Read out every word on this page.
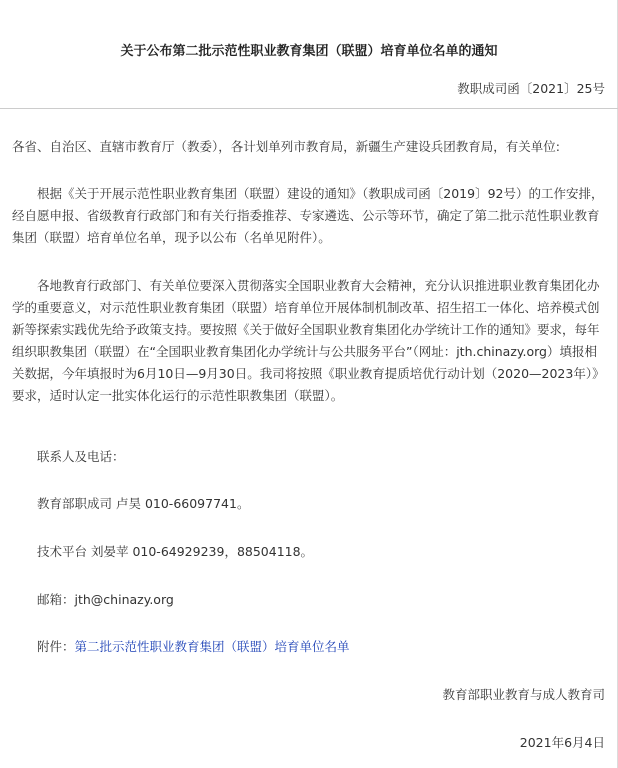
关于公布第二批示范性职业教育集团（联盟）培育单位名单的通知
教职成司函〔2021〕25号

各省、自治区、直辖市教育厅（教委），各计划单列市教育局，新疆生产建设兵团教育局，有关单位:

根据《关于开展示范性职业教育集团（联盟）建设的通知》（教职成司函〔2019〕92号）的工作安排，经自愿申报、省级教育行政部门和有关行指委推荐、专家遴选、公示等环节，确定了第二批示范性职业教育集团（联盟）培育单位名单，现予以公布（名单见附件）。

各地教育行政部门、有关单位要深入贯彻落实全国职业教育大会精神，充分认识推进职业教育集团化办学的重要意义，对示范性职业教育集团（联盟）培育单位开展体制机制改革、招生招工一体化、培养模式创新等探索实践优先给予政策支持。要按照《关于做好全国职业教育集团化办学统计工作的通知》要求，每年组织职教集团（联盟）在“全国职业教育集团化办学统计与公共服务平台”（网址：jth.chinazy.org）填报相关数据，今年填报时为6月10日—9月30日。我司将按照《职业教育提质培优行动计划（2020—2023年）》要求，适时认定一批实体化运行的示范性职教集团（联盟）。

联系人及电话：
教育部职成司 卢昊 010-66097741。
技术平台 刘晏苹 010-64929239，88504118。
邮箱：jth@chinazy.org
附件：第二批示范性职业教育集团（联盟）培育单位名单
教育部职业教育与成人教育司
2021年6月4日
